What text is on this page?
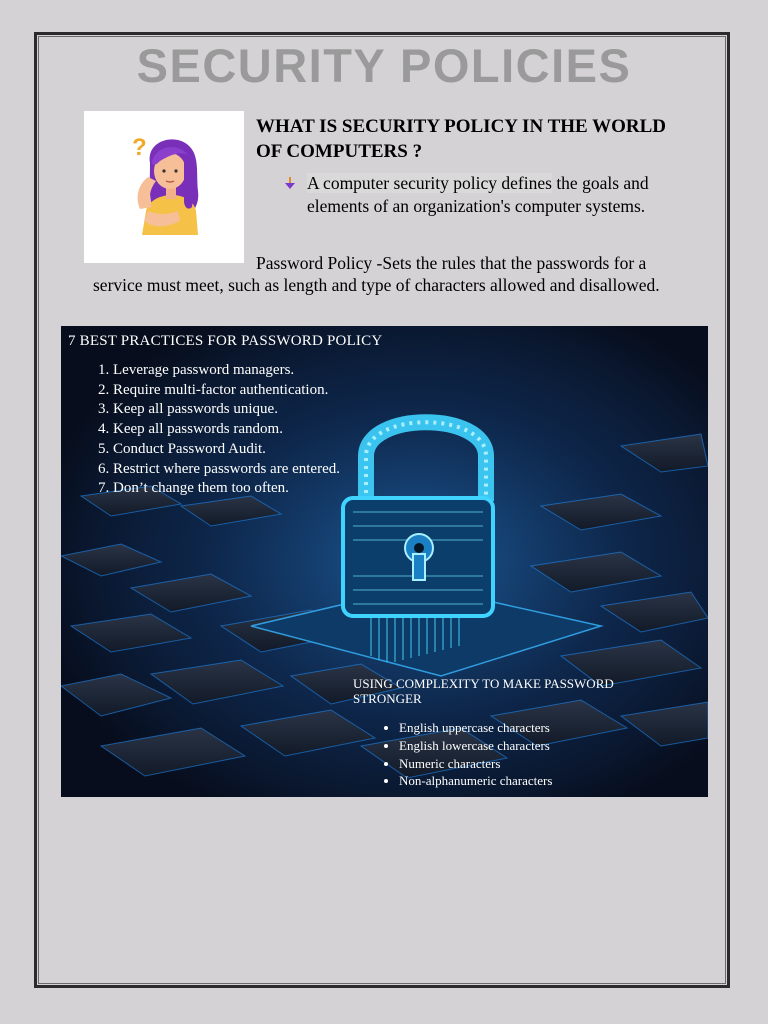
SECURITY POLICIES
?
WHAT IS SECURITY POLICY IN THE WORLD OF COMPUTERS ?
A computer security policy defines the goals and elements of an organization's computer systems.

Password Policy -Sets the rules that the passwords for a service must meet, such as length and type of characters allowed and disallowed.

7 BEST PRACTICES FOR PASSWORD POLICY
1. Leverage password managers.
2. Require multi-factor authentication.
3. Keep all passwords unique.
4. Keep all passwords random.
5. Conduct Password Audit.
6. Restrict where passwords are entered.
7. Don’t change them too often.
USING COMPLEXITY TO MAKE PASSWORD STRONGER
• English uppercase characters
• English lowercase characters
• Numeric characters
• Non-alphanumeric characters
